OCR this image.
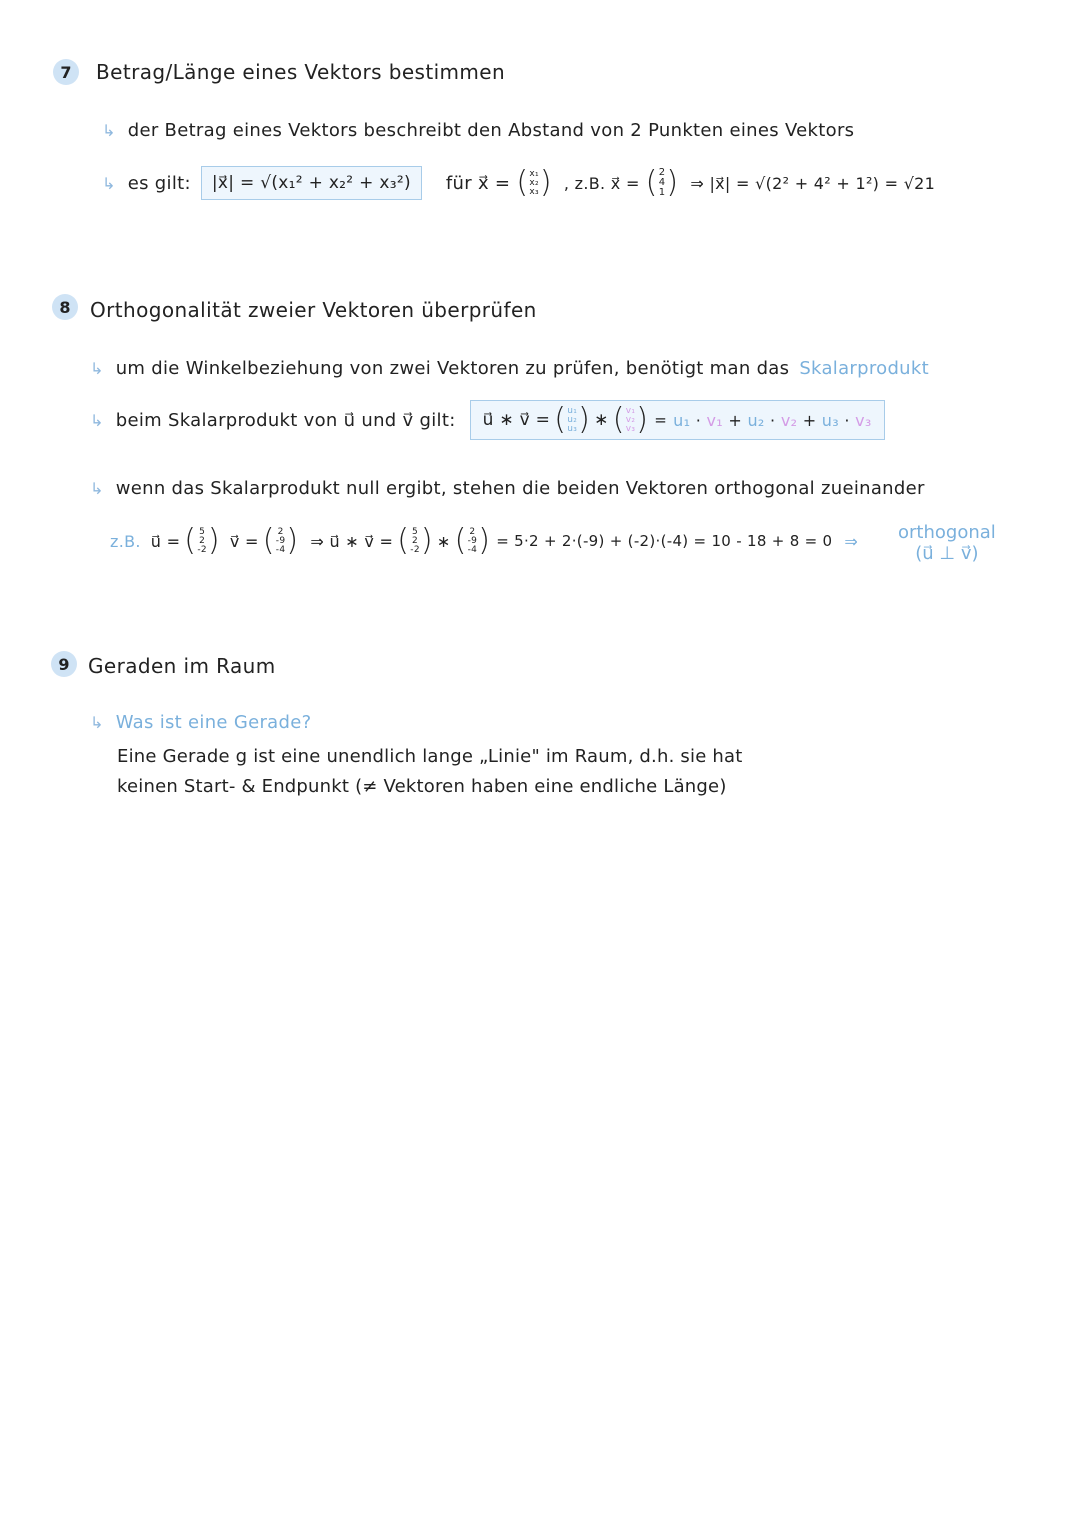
7	Betrag/Länge eines Vektors bestimmen
↳ der Betrag eines Vektors beschreibt den Abstand von 2 Punkten eines Vektors
↳ es gilt: |x⃗| = √(x₁² + x₂² + x₃²) für x⃗ = ( x₁
x₂
x₃ ) , z.B. x⃗ = ( 2
4
1 ) ⇒ |x⃗| = √(2² + 4² + 1²) = √21
8 Orthogonalität zweier Vektoren überprüfen
↳ um die Winkelbeziehung von zwei Vektoren zu prüfen, benötigt man das Skalarprodukt
↳ beim Skalarprodukt von u⃗ und v⃗ gilt: u⃗ ∗ v⃗ = ( u₁
u₂
u₃ ) ∗ ( v₁
v₂
v₃ ) = u₁ · v₁ + u₂ · v₂ + u₃ · v₃
↳ wenn das Skalarprodukt null ergibt, stehen die beiden Vektoren orthogonal zueinander
z.B. u⃗ = ( 5
2
-2 ) v⃗ = ( 2
-9
-4 ) ⇒ u⃗ ∗ v⃗ = ( 5
2
-2 ) ∗ ( 2
-9
-4 ) = 5·2 + 2·(-9) + (-2)·(-4) = 10 - 18 + 8 = 0 ⇒ orthogonal
(u⃗ ⊥ v⃗)
9 Geraden im Raum
↳ Was ist eine Gerade?
Eine Gerade g ist eine unendlich lange „Linie" im Raum, d.h. sie hat
keinen Start- & Endpunkt (≠ Vektoren haben eine endliche Länge)
